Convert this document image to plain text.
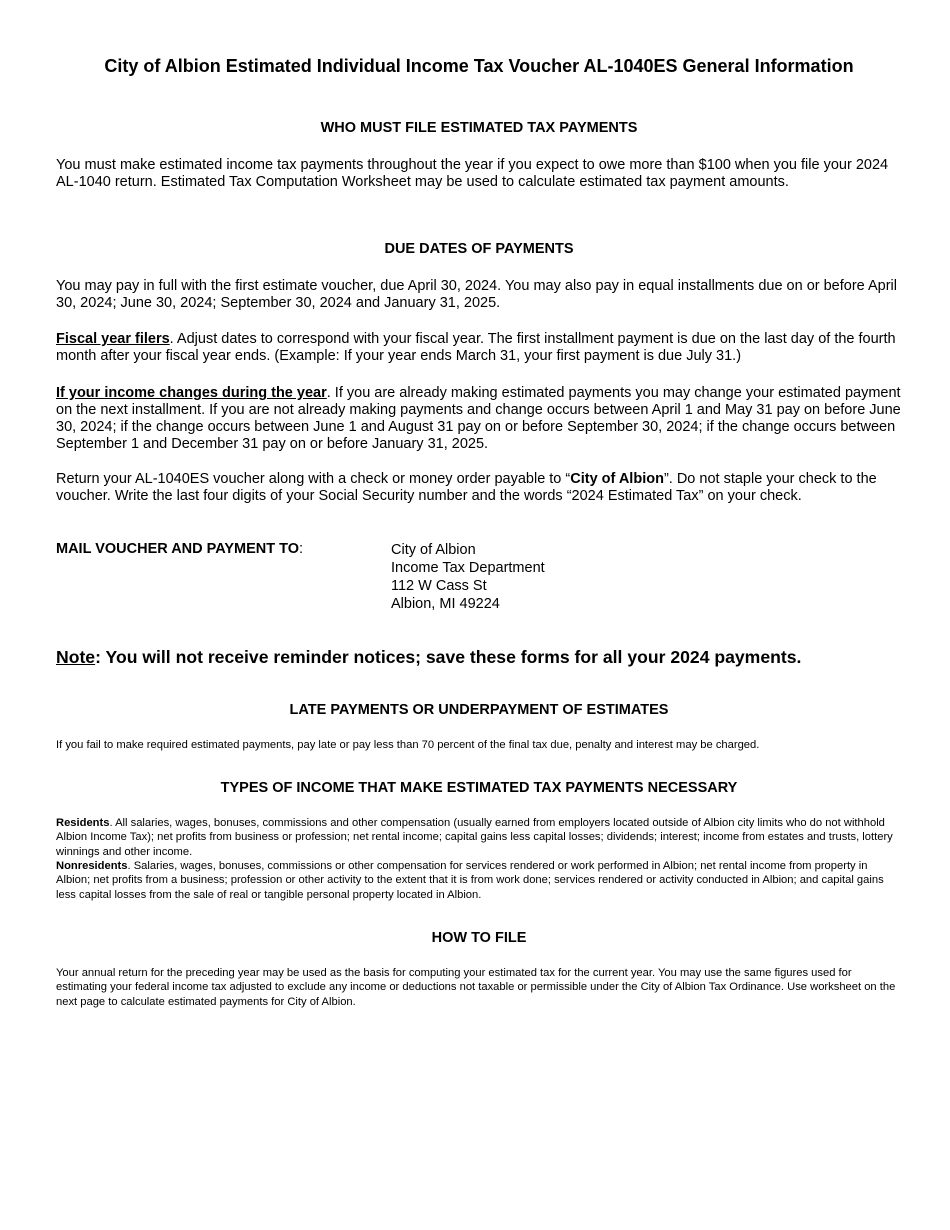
City of Albion Estimated Individual Income Tax Voucher AL-1040ES General Information
WHO MUST FILE ESTIMATED TAX PAYMENTS

You must make estimated income tax payments throughout the year if you expect to owe more than $100 when you file your 2024 AL-1040 return. Estimated Tax Computation Worksheet may be used to calculate estimated tax payment amounts.

DUE DATES OF PAYMENTS

You may pay in full with the first estimate voucher, due April 30, 2024. You may also pay in equal installments due on or before April 30, 2024; June 30, 2024; September 30, 2024 and January 31, 2025.

Fiscal year filers. Adjust dates to correspond with your fiscal year. The first installment payment is due on the last day of the fourth month after your fiscal year ends. (Example: If your year ends March 31, your first payment is due July 31.)

If your income changes during the year. If you are already making estimated payments you may change your estimated payment on the next installment. If you are not already making payments and change occurs between April 1 and May 31 pay on before June 30, 2024; if the change occurs between June 1 and August 31 pay on or before September 30, 2024; if the change occurs between September 1 and December 31 pay on or before January 31, 2025.

Return your AL-1040ES voucher along with a check or money order payable to “City of Albion”. Do not staple your check to the voucher. Write the last four digits of your Social Security number and the words “2024 Estimated Tax” on your check.

MAIL VOUCHER AND PAYMENT TO:	City of Albion
Income Tax Department
112 W Cass St
Albion, MI 49224

Note: You will not receive reminder notices; save these forms for all your 2024 payments.

LATE PAYMENTS OR UNDERPAYMENT OF ESTIMATES

If you fail to make required estimated payments, pay late or pay less than 70 percent of the final tax due, penalty and interest may be charged.

TYPES OF INCOME THAT MAKE ESTIMATED TAX PAYMENTS NECESSARY

Residents. All salaries, wages, bonuses, commissions and other compensation (usually earned from employers located outside of Albion city limits who do not withhold Albion Income Tax); net profits from business or profession; net rental income; capital gains less capital losses; dividends; interest; income from estates and trusts, lottery winnings and other income.

Nonresidents. Salaries, wages, bonuses, commissions or other compensation for services rendered or work performed in Albion; net rental income from property in Albion; net profits from a business; profession or other activity to the extent that it is from work done; services rendered or activity conducted in Albion; and capital gains less capital losses from the sale of real or tangible personal property located in Albion.

HOW TO FILE

Your annual return for the preceding year may be used as the basis for computing your estimated tax for the current year. You may use the same figures used for estimating your federal income tax adjusted to exclude any income or deductions not taxable or permissible under the City of Albion Tax Ordinance. Use worksheet on the next page to calculate estimated payments for City of Albion.
